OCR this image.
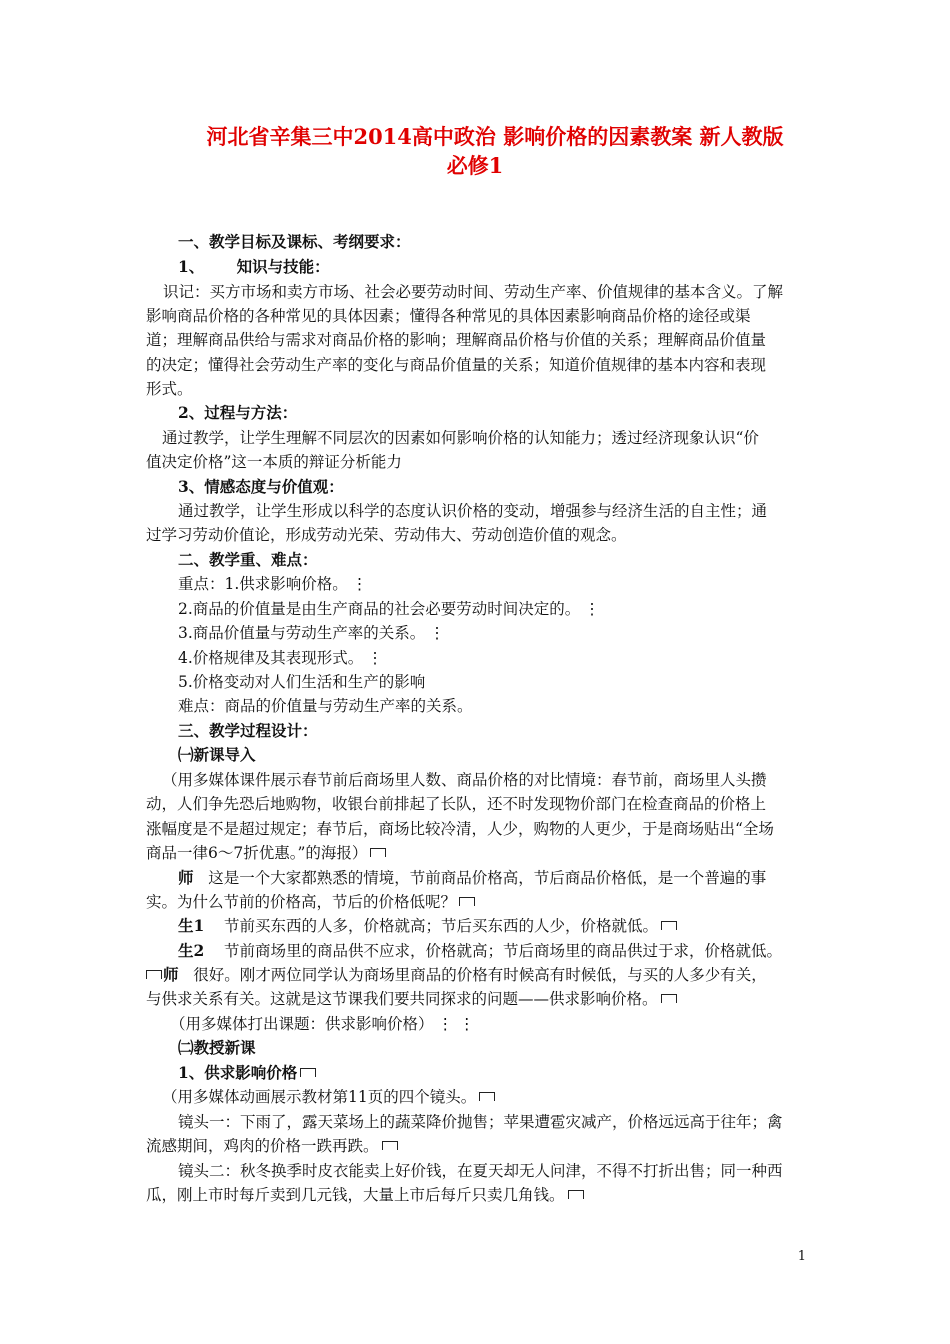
河北省辛集三中2014高中政治 影响价格的因素教案 新人教版
必修1
一、教学目标及课标、考纲要求：
1、      知识与技能：
识记：买方市场和卖方市场、社会必要劳动时间、劳动生产率、价值规律的基本含义。了解
影响商品价格的各种常见的具体因素；懂得各种常见的具体因素影响商品价格的途径或渠
道；理解商品供给与需求对商品价格的影响；理解商品价格与价值的关系；理解商品价值量
的决定；懂得社会劳动生产率的变化与商品价值量的关系；知道价值规律的基本内容和表现
形式。
2、过程与方法：
通过教学，让学生理解不同层次的因素如何影响价格的认知能力；透过经济现象认识“价
值决定价格”这一本质的辩证分析能力
3、情感态度与价值观：
通过教学，让学生形成以科学的态度认识价格的变动，增强参与经济生活的自主性；通
过学习劳动价值论，形成劳动光荣、劳动伟大、劳动创造价值的观念。
二、教学重、难点：
重点：1.供求影响价格。 ⋮
2.商品的价值量是由生产商品的社会必要劳动时间决定的。 ⋮
3.商品价值量与劳动生产率的关系。 ⋮
4.价格规律及其表现形式。 ⋮
5.价格变动对人们生活和生产的影响
难点：商品的价值量与劳动生产率的关系。
三、教学过程设计：
㈠新课导入
（用多媒体课件展示春节前后商场里人数、商品价格的对比情境：春节前，商场里人头攒
动，人们争先恐后地购物，收银台前排起了长队，还不时发现物价部门在检查商品的价格上
涨幅度是不是超过规定；春节后，商场比较冷清，人少，购物的人更少，于是商场贴出“全场
商品一律6～7折优惠。”的海报）
师 这是一个大家都熟悉的情境，节前商品价格高，节后商品价格低，是一个普遍的事
实。为什么节前的价格高，节后的价格低呢？
生1 节前买东西的人多，价格就高；节后买东西的人少，价格就低。
生2 节前商场里的商品供不应求，价格就高；节后商场里的商品供过于求，价格就低。
师 很好。刚才两位同学认为商场里商品的价格有时候高有时候低，与买的人多少有关，
与供求关系有关。这就是这节课我们要共同探求的问题——供求影响价格。
（用多媒体打出课题：供求影响价格） ⋮⋮
㈡教授新课
1、供求影响价格
（用多媒体动画展示教材第11页的四个镜头。
镜头一：下雨了，露天菜场上的蔬菜降价抛售；苹果遭雹灾减产，价格远远高于往年；禽
流感期间，鸡肉的价格一跌再跌。
镜头二：秋冬换季时皮衣能卖上好价钱，在夏天却无人问津，不得不打折出售；同一种西
瓜，刚上市时每斤卖到几元钱，大量上市后每斤只卖几角钱。
1
